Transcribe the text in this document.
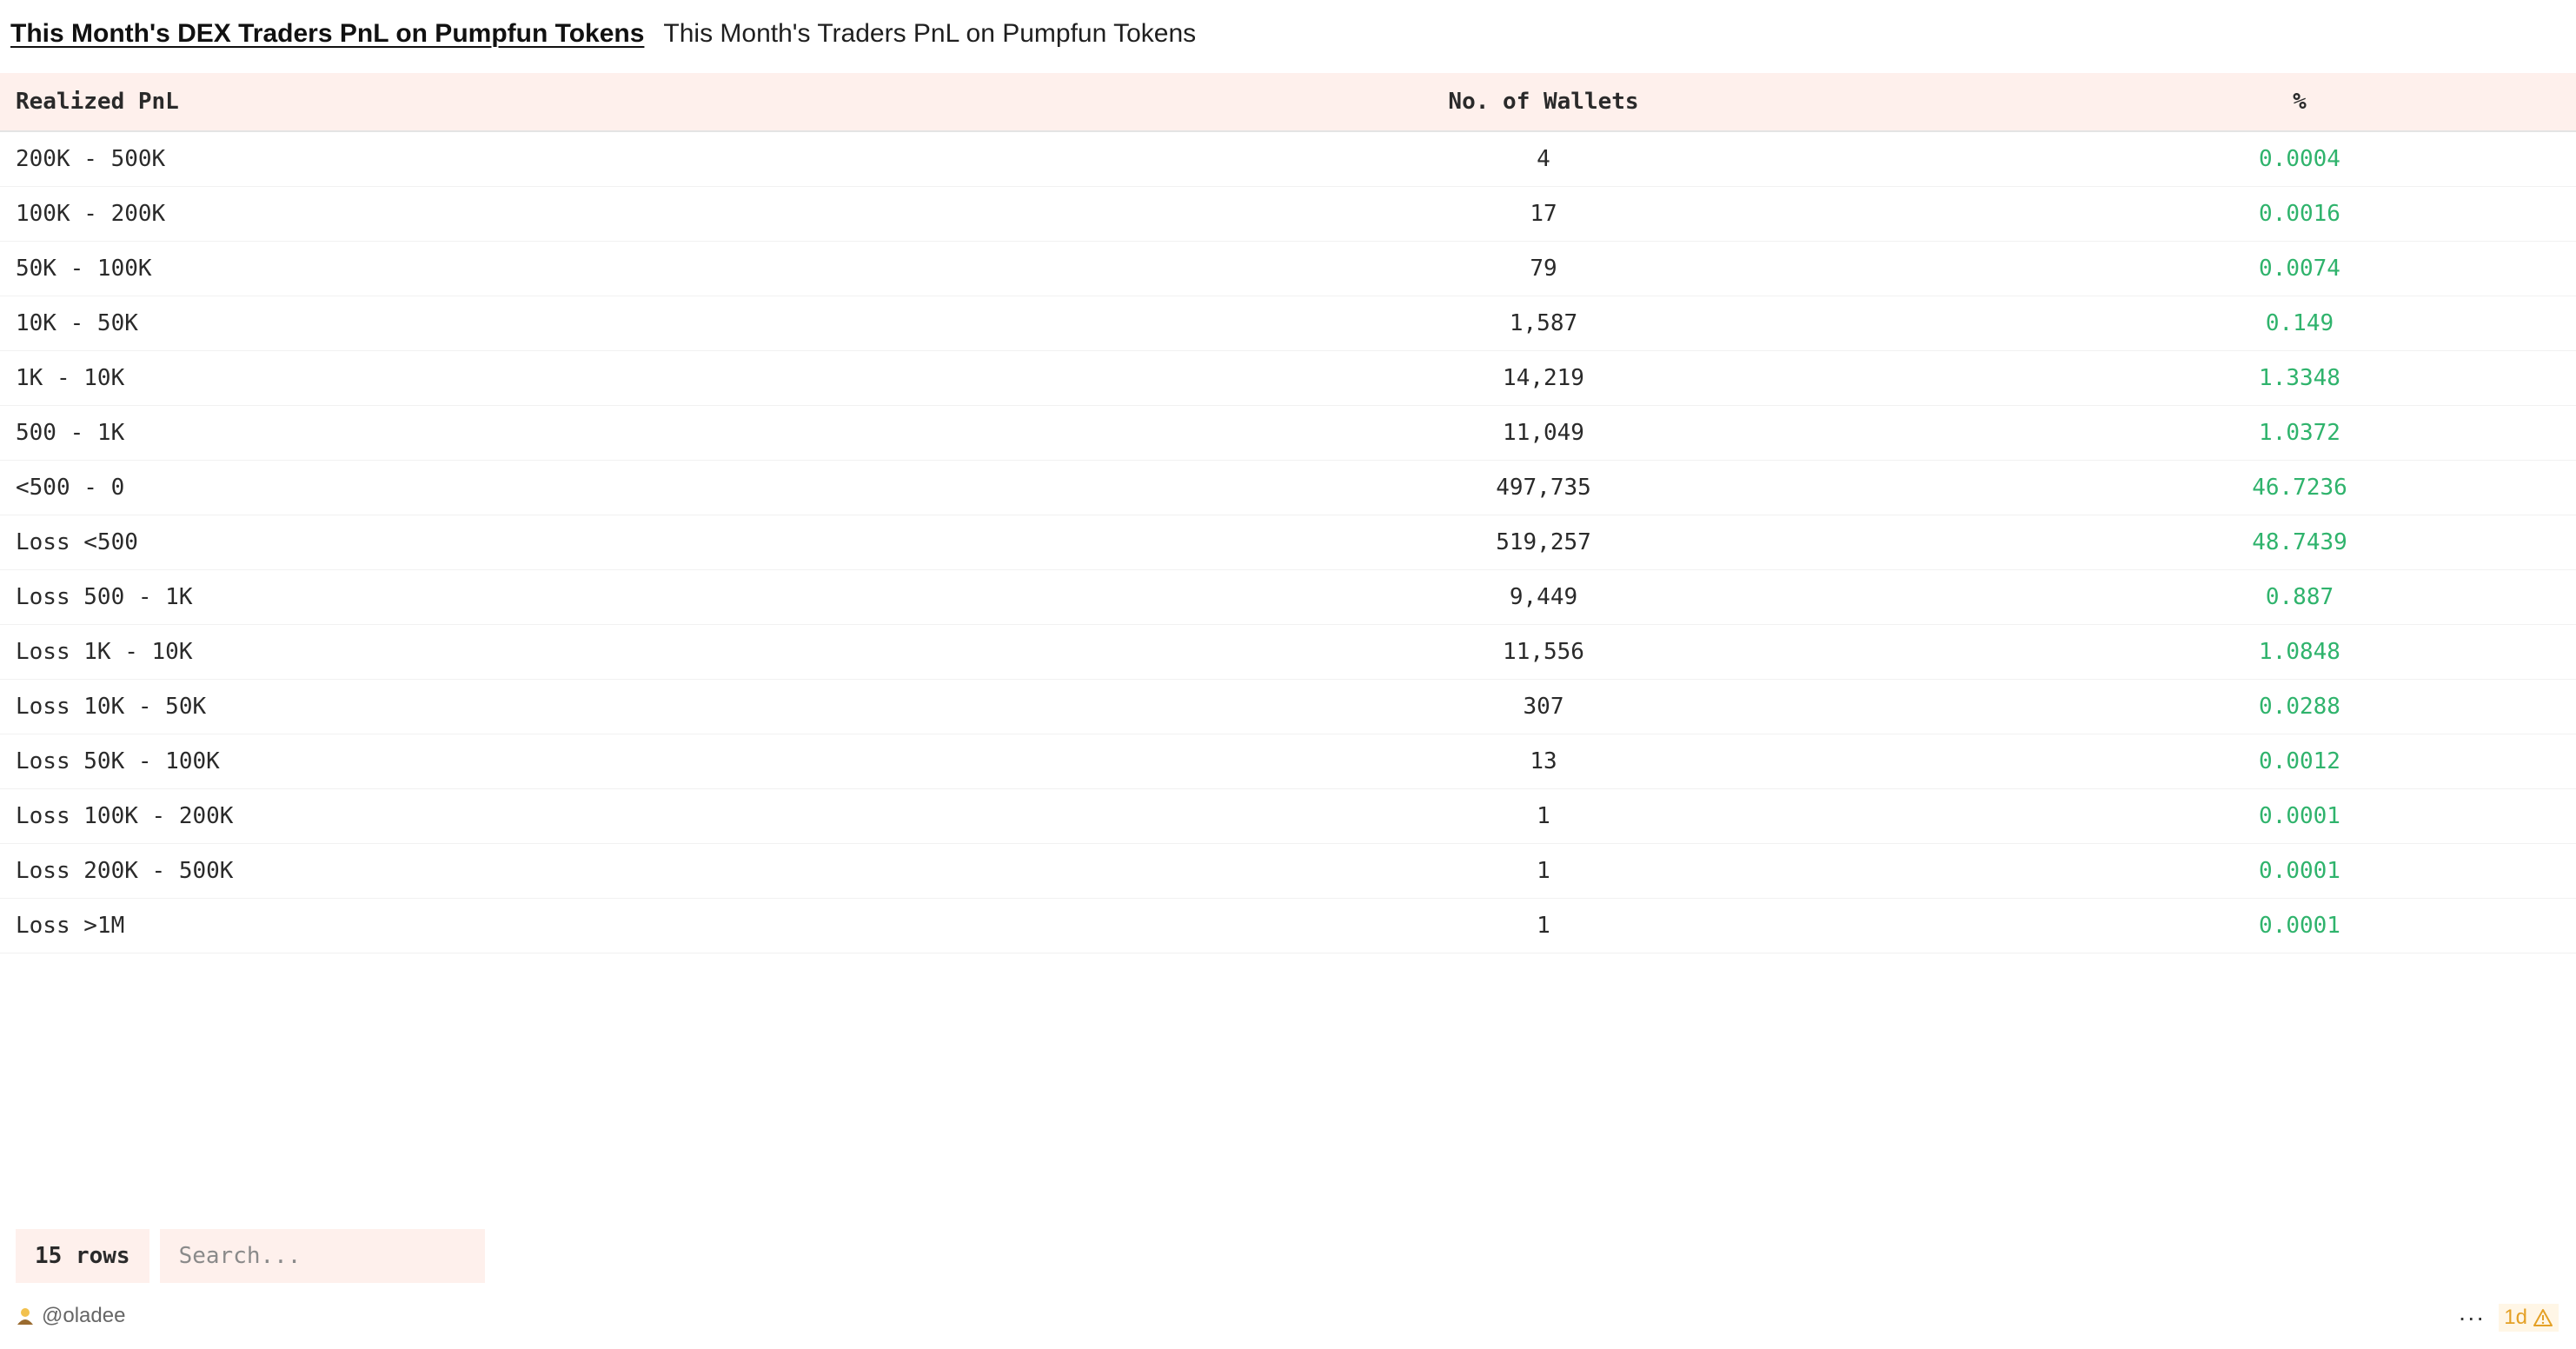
This Month's DEX Traders PnL on Pumpfun Tokens This Month's Traders PnL on Pumpfun Tokens
Realized PnL	No. of Wallets	%

200K - 500K	4	0.0004

100K - 200K	17	0.0016

50K - 100K	79	0.0074

10K - 50K	1,587	0.149

1K - 10K	14,219	1.3348

500 - 1K	11,049	1.0372

<500 - 0	497,735	46.7236

Loss <500	519,257	48.7439

Loss 500 - 1K	9,449	0.887

Loss 1K - 10K	11,556	1.0848

Loss 10K - 50K	307	0.0288

Loss 50K - 100K	13	0.0012

Loss 100K - 200K	1	0.0001

Loss 200K - 500K	1	0.0001

Loss >1M	1	0.0001
15 rows
Search...
@oladee	··· 1d
